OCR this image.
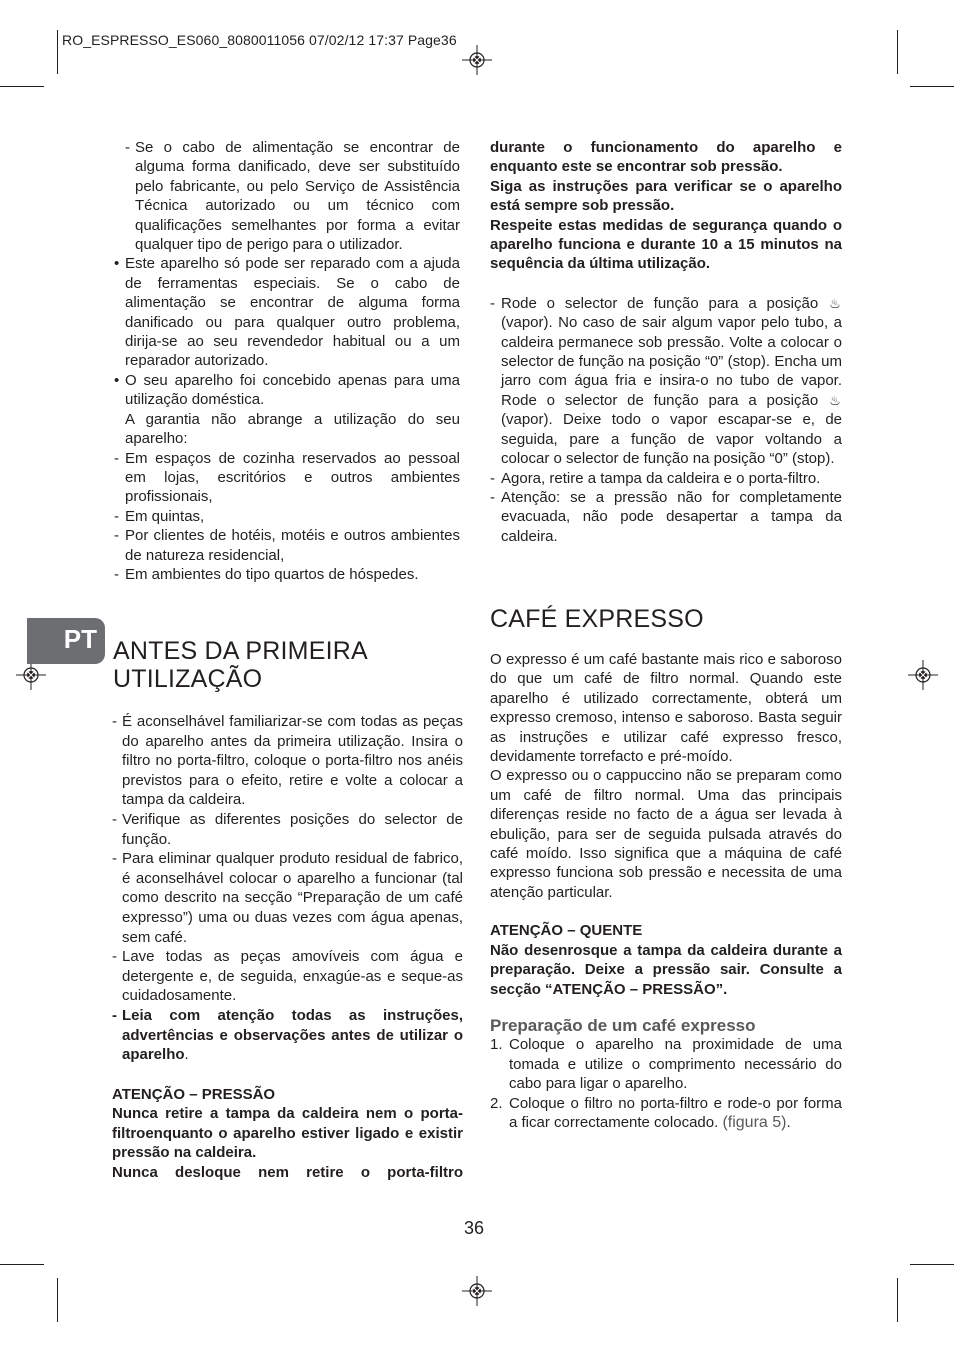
RO_ESPRESSO_ES060_8080011056 07/02/12 17:37 Page36
PT
- Se o cabo de alimentação se encontrar de alguma forma danificado, deve ser substituído pelo fabricante, ou pelo Serviço de Assistência Técnica autorizado ou um técnico com qualificações semelhantes por forma a evitar qualquer tipo de perigo para o utilizador.
• Este aparelho só pode ser reparado com a ajuda de ferramentas especiais. Se o cabo de alimentação se encontrar de alguma forma danificado ou para qualquer outro problema, dirija-se ao seu revendedor habitual ou a um reparador autorizado.
• O seu aparelho foi concebido apenas para uma utilização doméstica.

A garantia não abrange a utilização do seu aparelho:

- Em espaços de cozinha reservados ao pessoal em lojas, escritórios e outros ambientes profissionais,
- Em quintas,
- Por clientes de hotéis, motéis e outros ambientes de natureza residencial,
- Em ambientes do tipo quartos de hóspedes.
ANTES DA PRIMEIRA
UTILIZAÇÃO
- É aconselhável familiarizar-se com todas as peças do aparelho antes da primeira utilização. Insira o filtro no porta-filtro, coloque o porta-filtro nos anéis previstos para o efeito, retire e volte a colocar a tampa da caldeira.
- Verifique as diferentes posições do selector de função.
- Para eliminar qualquer produto residual de fabrico, é aconselhável colocar o aparelho a funcionar (tal como descrito na secção “Preparação de um café expresso”) uma ou duas vezes com água apenas, sem café.
- Lave todas as peças amovíveis com água e detergente e, de seguida, enxagúe-as e seque-as cuidadosamente.
- Leia com atenção todas as instruções, advertências e observações antes de utilizar o aparelho.

ATENÇÃO – PRESSÃO

Nunca retire a tampa da caldeira nem o porta-filtroenquanto o aparelho estiver ligado e existir pressão na caldeira.

Nunca desloque nem retire o porta-filtro

durante o funcionamento do aparelho e enquanto este se encontrar sob pressão.

Siga as instruções para verificar se o aparelho está sempre sob pressão.

Respeite estas medidas de segurança quando o aparelho funciona e durante 10 a 15 minutos na sequência da última utilização.

- Rode o selector de função para a posição ♨(vapor). No caso de sair algum vapor pelo tubo, a caldeira permanece sob pressão. Volte a colocar o selector de função na posição “0” (stop). Encha um jarro com água fria e insira-o no tubo de vapor. Rode o selector de função para a posição ♨(vapor). Deixe todo o vapor escapar-se e, de seguida, pare a função de vapor voltando a colocar o selector de função na posição “0” (stop).
- Agora, retire a tampa da caldeira e o porta-filtro.
- Atenção: se a pressão não for completamente evacuada, não pode desapertar a tampa da caldeira.
CAFÉ EXPRESSO

O expresso é um café bastante mais rico e saboroso do que um café de filtro normal. Quando este aparelho é utilizado correctamente, obterá um expresso cremoso, intenso e saboroso. Basta seguir as instruções e utilizar café expresso fresco, devidamente torrefacto e pré-moído.

O expresso ou o cappuccino não se preparam como um café de filtro normal. Uma das principais diferenças reside no facto de a água ser levada à ebulição, para ser de seguida pulsada através do café moído. Isso significa que a máquina de café expresso funciona sob pressão e necessita de uma atenção particular.

ATENÇÃO – QUENTE

Não desenrosque a tampa da caldeira durante a preparação. Deixe a pressão sair. Consulte a secção “ATENÇÃO – PRESSÃO”.

Preparação de um café expresso

1. Coloque o aparelho na proximidade de uma tomada e utilize o comprimento necessário do cabo para ligar o aparelho.
2. Coloque o filtro no porta-filtro e rode-o por forma a ficar correctamente colocado. (figura 5).
36
